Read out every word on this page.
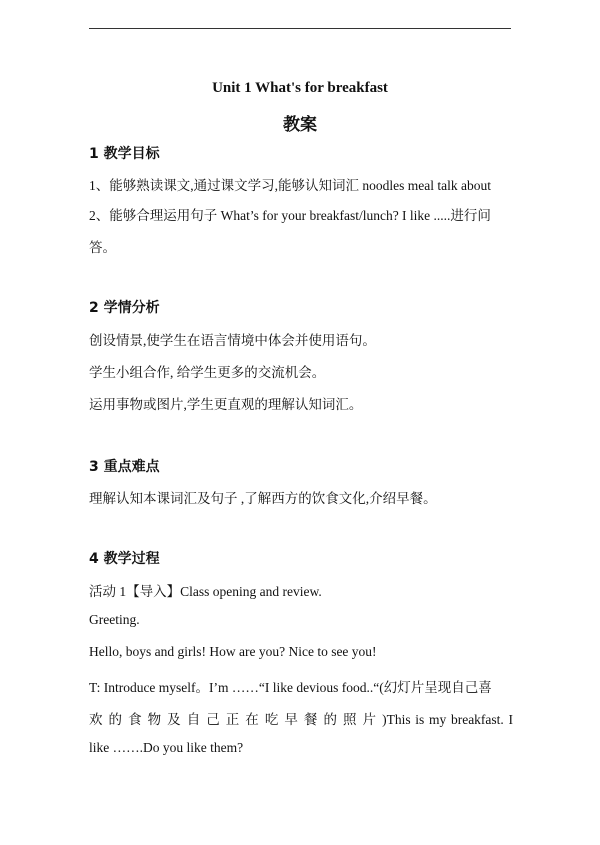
Unit 1 What's for breakfast
教案
1 教学目标
1、能够熟读课文,通过课文学习,能够认知词汇 noodles meal talk about
2、能够合理运用句子 What’s for your breakfast/lunch? I like .....进行问
答。
2 学情分析
创设情景,使学生在语言情境中体会并使用语句。
学生小组合作, 给学生更多的交流机会。
运用事物或图片,学生更直观的理解认知词汇。
3 重点难点
理解认知本课词汇及句子 ,了解西方的饮食文化,介绍早餐。
4 教学过程
活动 1【导入】Class opening and review.
Greeting.
Hello, boys and girls! How are you? Nice to see you!
T: Introduce myself。I’m ……“I like devious food..“(幻灯片呈现自己喜
欢 的 食 物 及 自 己 正 在 吃 早 餐 的 照 片 )This is my breakfast. I
like …….Do you like them?
